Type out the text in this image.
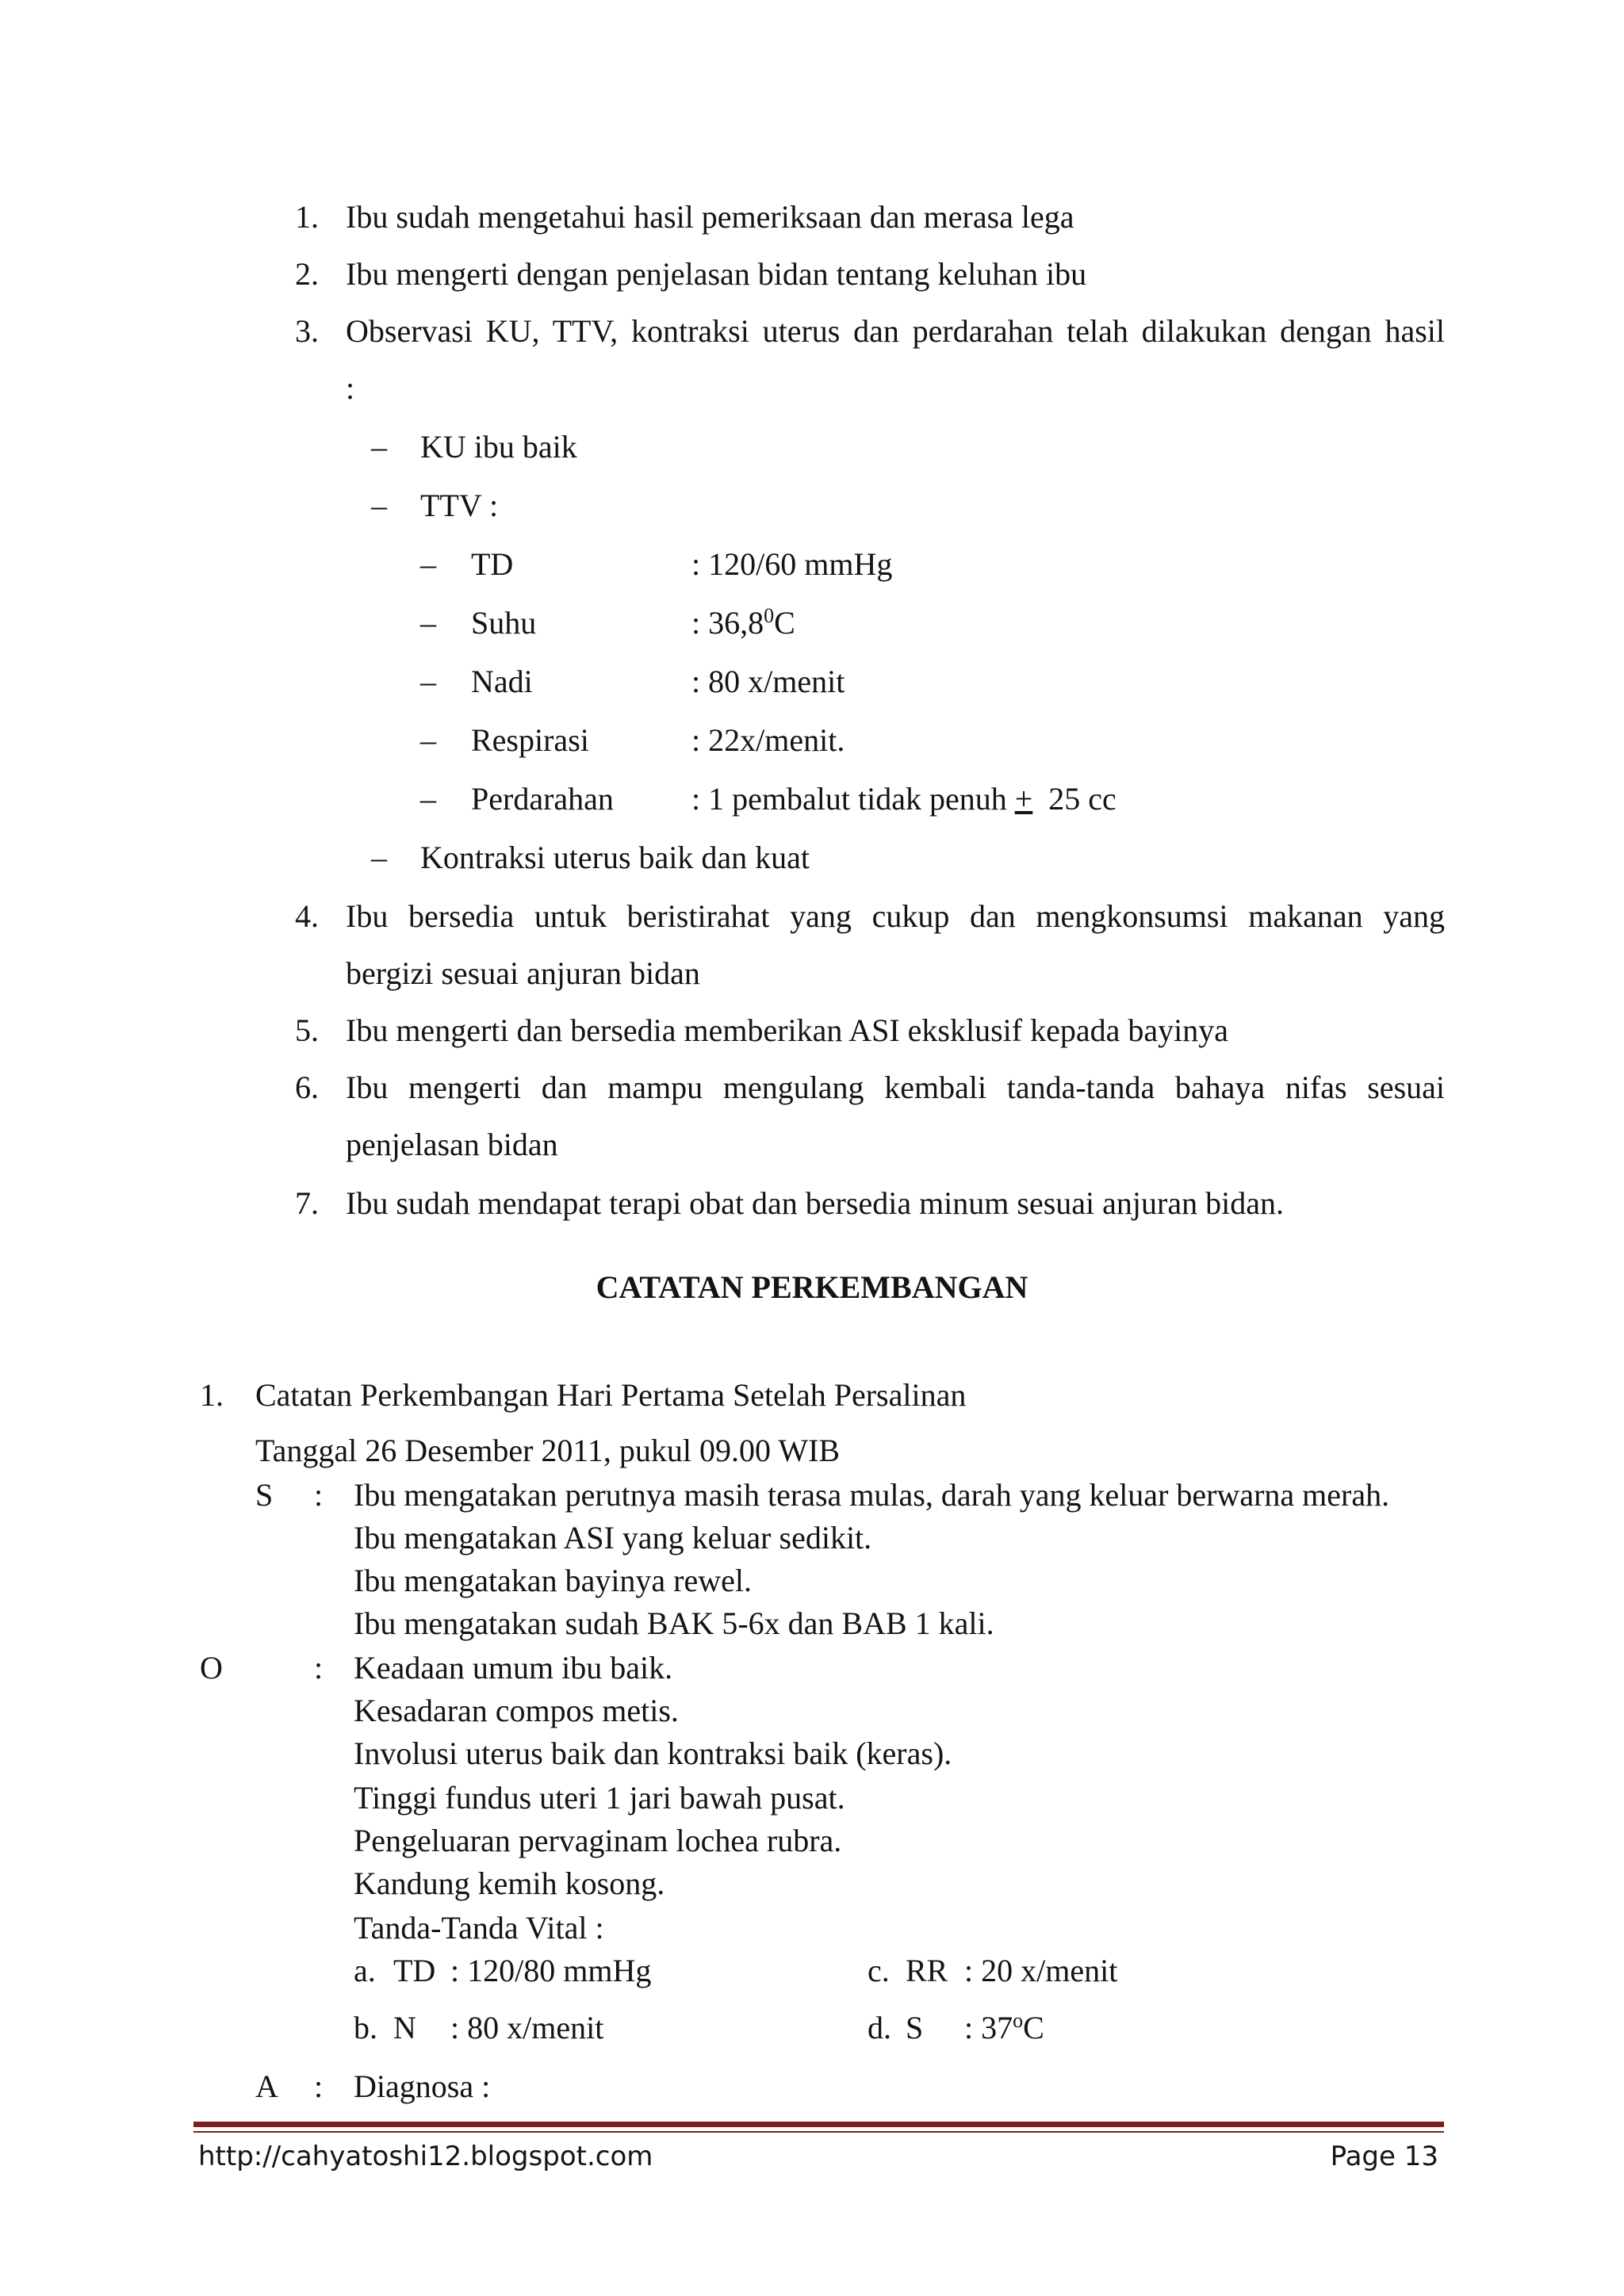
1. Ibu sudah mengetahui hasil pemeriksaan dan merasa lega
2. Ibu mengerti dengan penjelasan bidan tentang keluhan ibu
3. Observasi KU, TTV, kontraksi uterus dan perdarahan telah dilakukan dengan hasil
:
– KU ibu baik
– TTV :
– TD	: 120/60 mmHg
– Suhu	: 36,8$^0$C
– Nadi	: 80 x/menit
– Respirasi	: 22x/menit.
– Perdarahan : 1 pembalut tidak penuh + 25 cc
– Kontraksi uterus baik dan kuat
4. Ibu bersedia untuk beristirahat yang cukup dan mengkonsumsi makanan yang
bergizi sesuai anjuran bidan
5. Ibu mengerti dan bersedia memberikan ASI eksklusif kepada bayinya
6. Ibu mengerti dan mampu mengulang kembali tanda-tanda bahaya nifas sesuai
penjelasan bidan
7. Ibu sudah mendapat terapi obat dan bersedia minum sesuai anjuran bidan.
CATATAN PERKEMBANGAN
1. Catatan Perkembangan Hari Pertama Setelah Persalinan
Tanggal 26 Desember 2011, pukul 09.00 WIB
S : Ibu mengatakan perutnya masih terasa mulas, darah yang keluar berwarna merah.
Ibu mengatakan ASI yang keluar sedikit.
Ibu mengatakan bayinya rewel.
Ibu mengatakan sudah BAK 5-6x dan BAB 1 kali.
O	: Keadaan umum ibu baik.
Kesadaran compos metis.
Involusi uterus baik dan kontraksi baik (keras).
Tinggi fundus uteri 1 jari bawah pusat.
Pengeluaran pervaginam lochea rubra.
Kandung kemih kosong.
Tanda-Tanda Vital :
a. TD : 120/80 mmHg	c. RR : 20 x/menit
b. N : 80 x/menit	d. S : 37$^o$C
A : Diagnosa :
http://cahyatoshi12.blogspot.com	Page 13
